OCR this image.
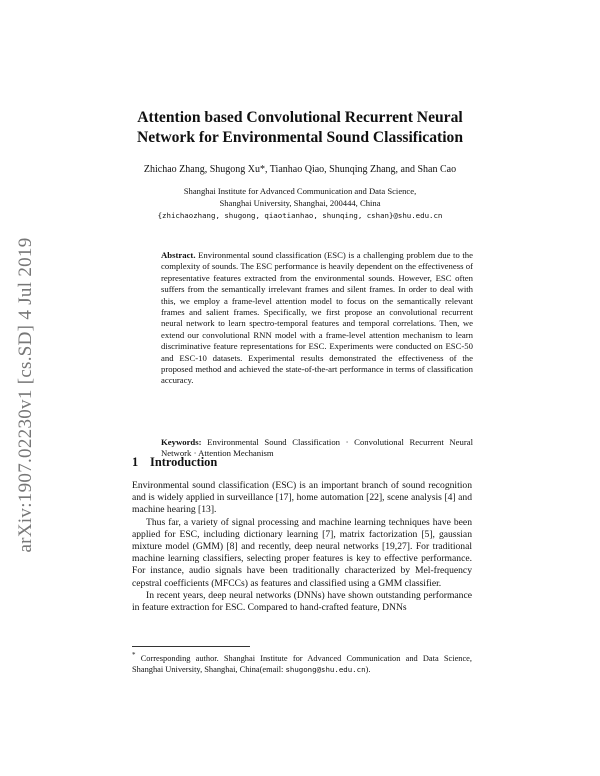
arXiv:1907.02230v1 [cs.SD] 4 Jul 2019
Attention based Convolutional Recurrent Neural
Network for Environmental Sound Classification
Zhichao Zhang, Shugong Xu*, Tianhao Qiao, Shunqing Zhang, and Shan Cao
Shanghai Institute for Advanced Communication and Data Science,
Shanghai University, Shanghai, 200444, China
{zhichaozhang, shugong, qiaotianhao, shunqing, cshan}@shu.edu.cn
Abstract. Environmental sound classification (ESC) is a challenging problem due to the complexity of sounds. The ESC performance is heavily dependent on the effectiveness of representative features extracted from the environmental sounds. However, ESC often suffers from the semantically irrelevant frames and silent frames. In order to deal with this, we employ a frame-level attention model to focus on the semantically relevant frames and salient frames. Specifically, we first propose an convolutional recurrent neural network to learn spectro-temporal features and temporal correlations. Then, we extend our convolutional RNN model with a frame-level attention mechanism to learn discriminative feature representations for ESC. Experiments were conducted on ESC-50 and ESC-10 datasets. Experimental results demonstrated the effectiveness of the proposed method and achieved the state-of-the-art performance in terms of classification accuracy.
Keywords: Environmental Sound Classification · Convolutional Recurrent Neural Network · Attention Mechanism
1 Introduction

Environmental sound classification (ESC) is an important branch of sound recognition and is widely applied in surveillance [17], home automation [22], scene analysis [4] and machine hearing [13].

Thus far, a variety of signal processing and machine learning techniques have been applied for ESC, including dictionary learning [7], matrix factorization [5], gaussian mixture model (GMM) [8] and recently, deep neural networks [19,27]. For traditional machine learning classifiers, selecting proper features is key to effective performance. For instance, audio signals have been traditionally characterized by Mel-frequency cepstral coefficients (MFCCs) as features and classified using a GMM classifier.

In recent years, deep neural networks (DNNs) have shown outstanding performance in feature extraction for ESC. Compared to hand-crafted feature, DNNs

* Corresponding author. Shanghai Institute for Advanced Communication and Data Science, Shanghai University, Shanghai, China(email: shugong@shu.edu.cn).
